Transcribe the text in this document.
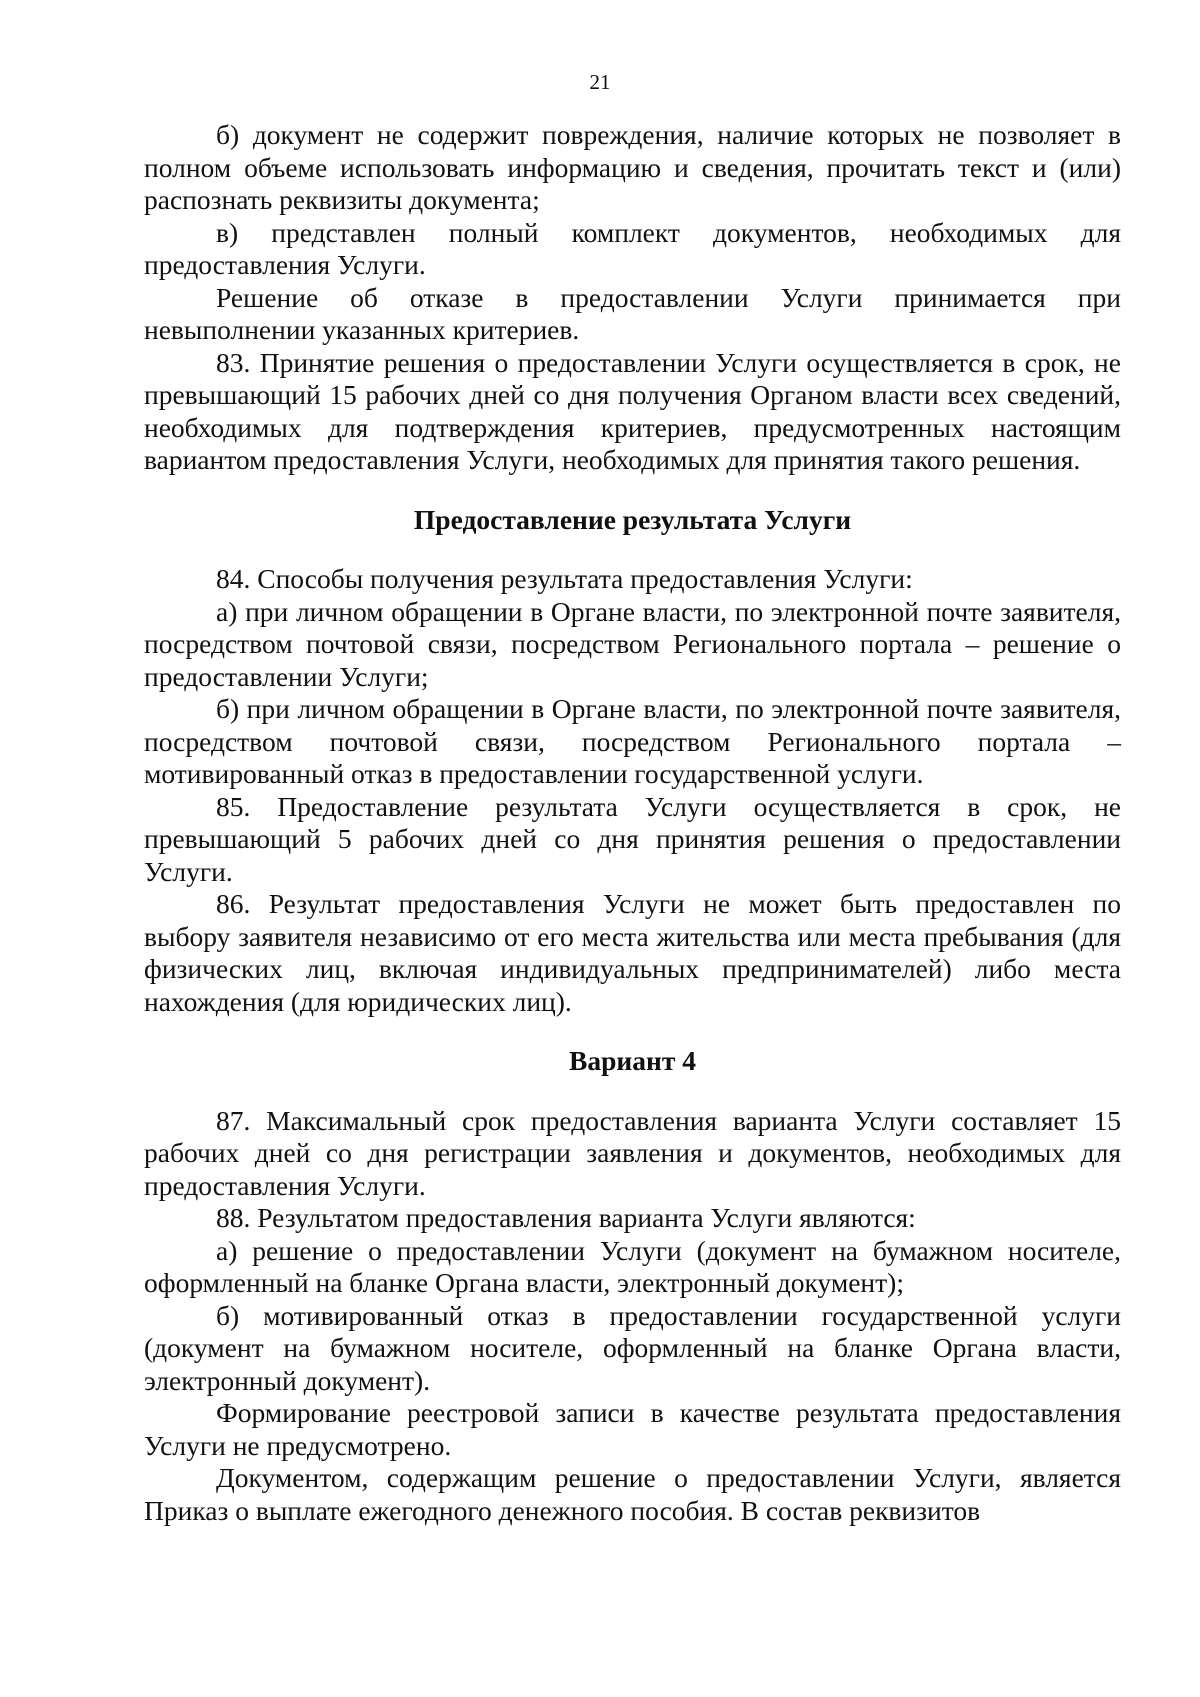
21

б) документ не содержит повреждения, наличие которых не позволяет в полном объеме использовать информацию и сведения, прочитать текст и (или) распознать реквизиты документа;

в) представлен полный комплект документов, необходимых для предоставления Услуги.

Решение об отказе в предоставлении Услуги принимается при невыполнении указанных критериев.

83. Принятие решения о предоставлении Услуги осуществляется в срок, не превышающий 15 рабочих дней со дня получения Органом власти всех сведений, необходимых для подтверждения критериев, предусмотренных настоящим вариантом предоставления Услуги, необходимых для принятия такого решения.

Предоставление результата Услуги

84. Способы получения результата предоставления Услуги:

а) при личном обращении в Органе власти, по электронной почте заявителя, посредством почтовой связи, посредством Регионального портала – решение о предоставлении Услуги;

б) при личном обращении в Органе власти, по электронной почте заявителя, посредством почтовой связи, посредством Регионального портала – мотивированный отказ в предоставлении государственной услуги.

85. Предоставление результата Услуги осуществляется в срок, не превышающий 5 рабочих дней со дня принятия решения о предоставлении Услуги.

86. Результат предоставления Услуги не может быть предоставлен по выбору заявителя независимо от его места жительства или места пребывания (для физических лиц, включая индивидуальных предпринимателей) либо места нахождения (для юридических лиц).

Вариант 4

87. Максимальный срок предоставления варианта Услуги составляет 15 рабочих дней со дня регистрации заявления и документов, необходимых для предоставления Услуги.

88. Результатом предоставления варианта Услуги являются:

а) решение о предоставлении Услуги (документ на бумажном носителе, оформленный на бланке Органа власти, электронный документ);

б) мотивированный отказ в предоставлении государственной услуги (документ на бумажном носителе, оформленный на бланке Органа власти, электронный документ).

Формирование реестровой записи в качестве результата предоставления Услуги не предусмотрено.

Документом, содержащим решение о предоставлении Услуги, является Приказ о выплате ежегодного денежного пособия. В состав реквизитов
